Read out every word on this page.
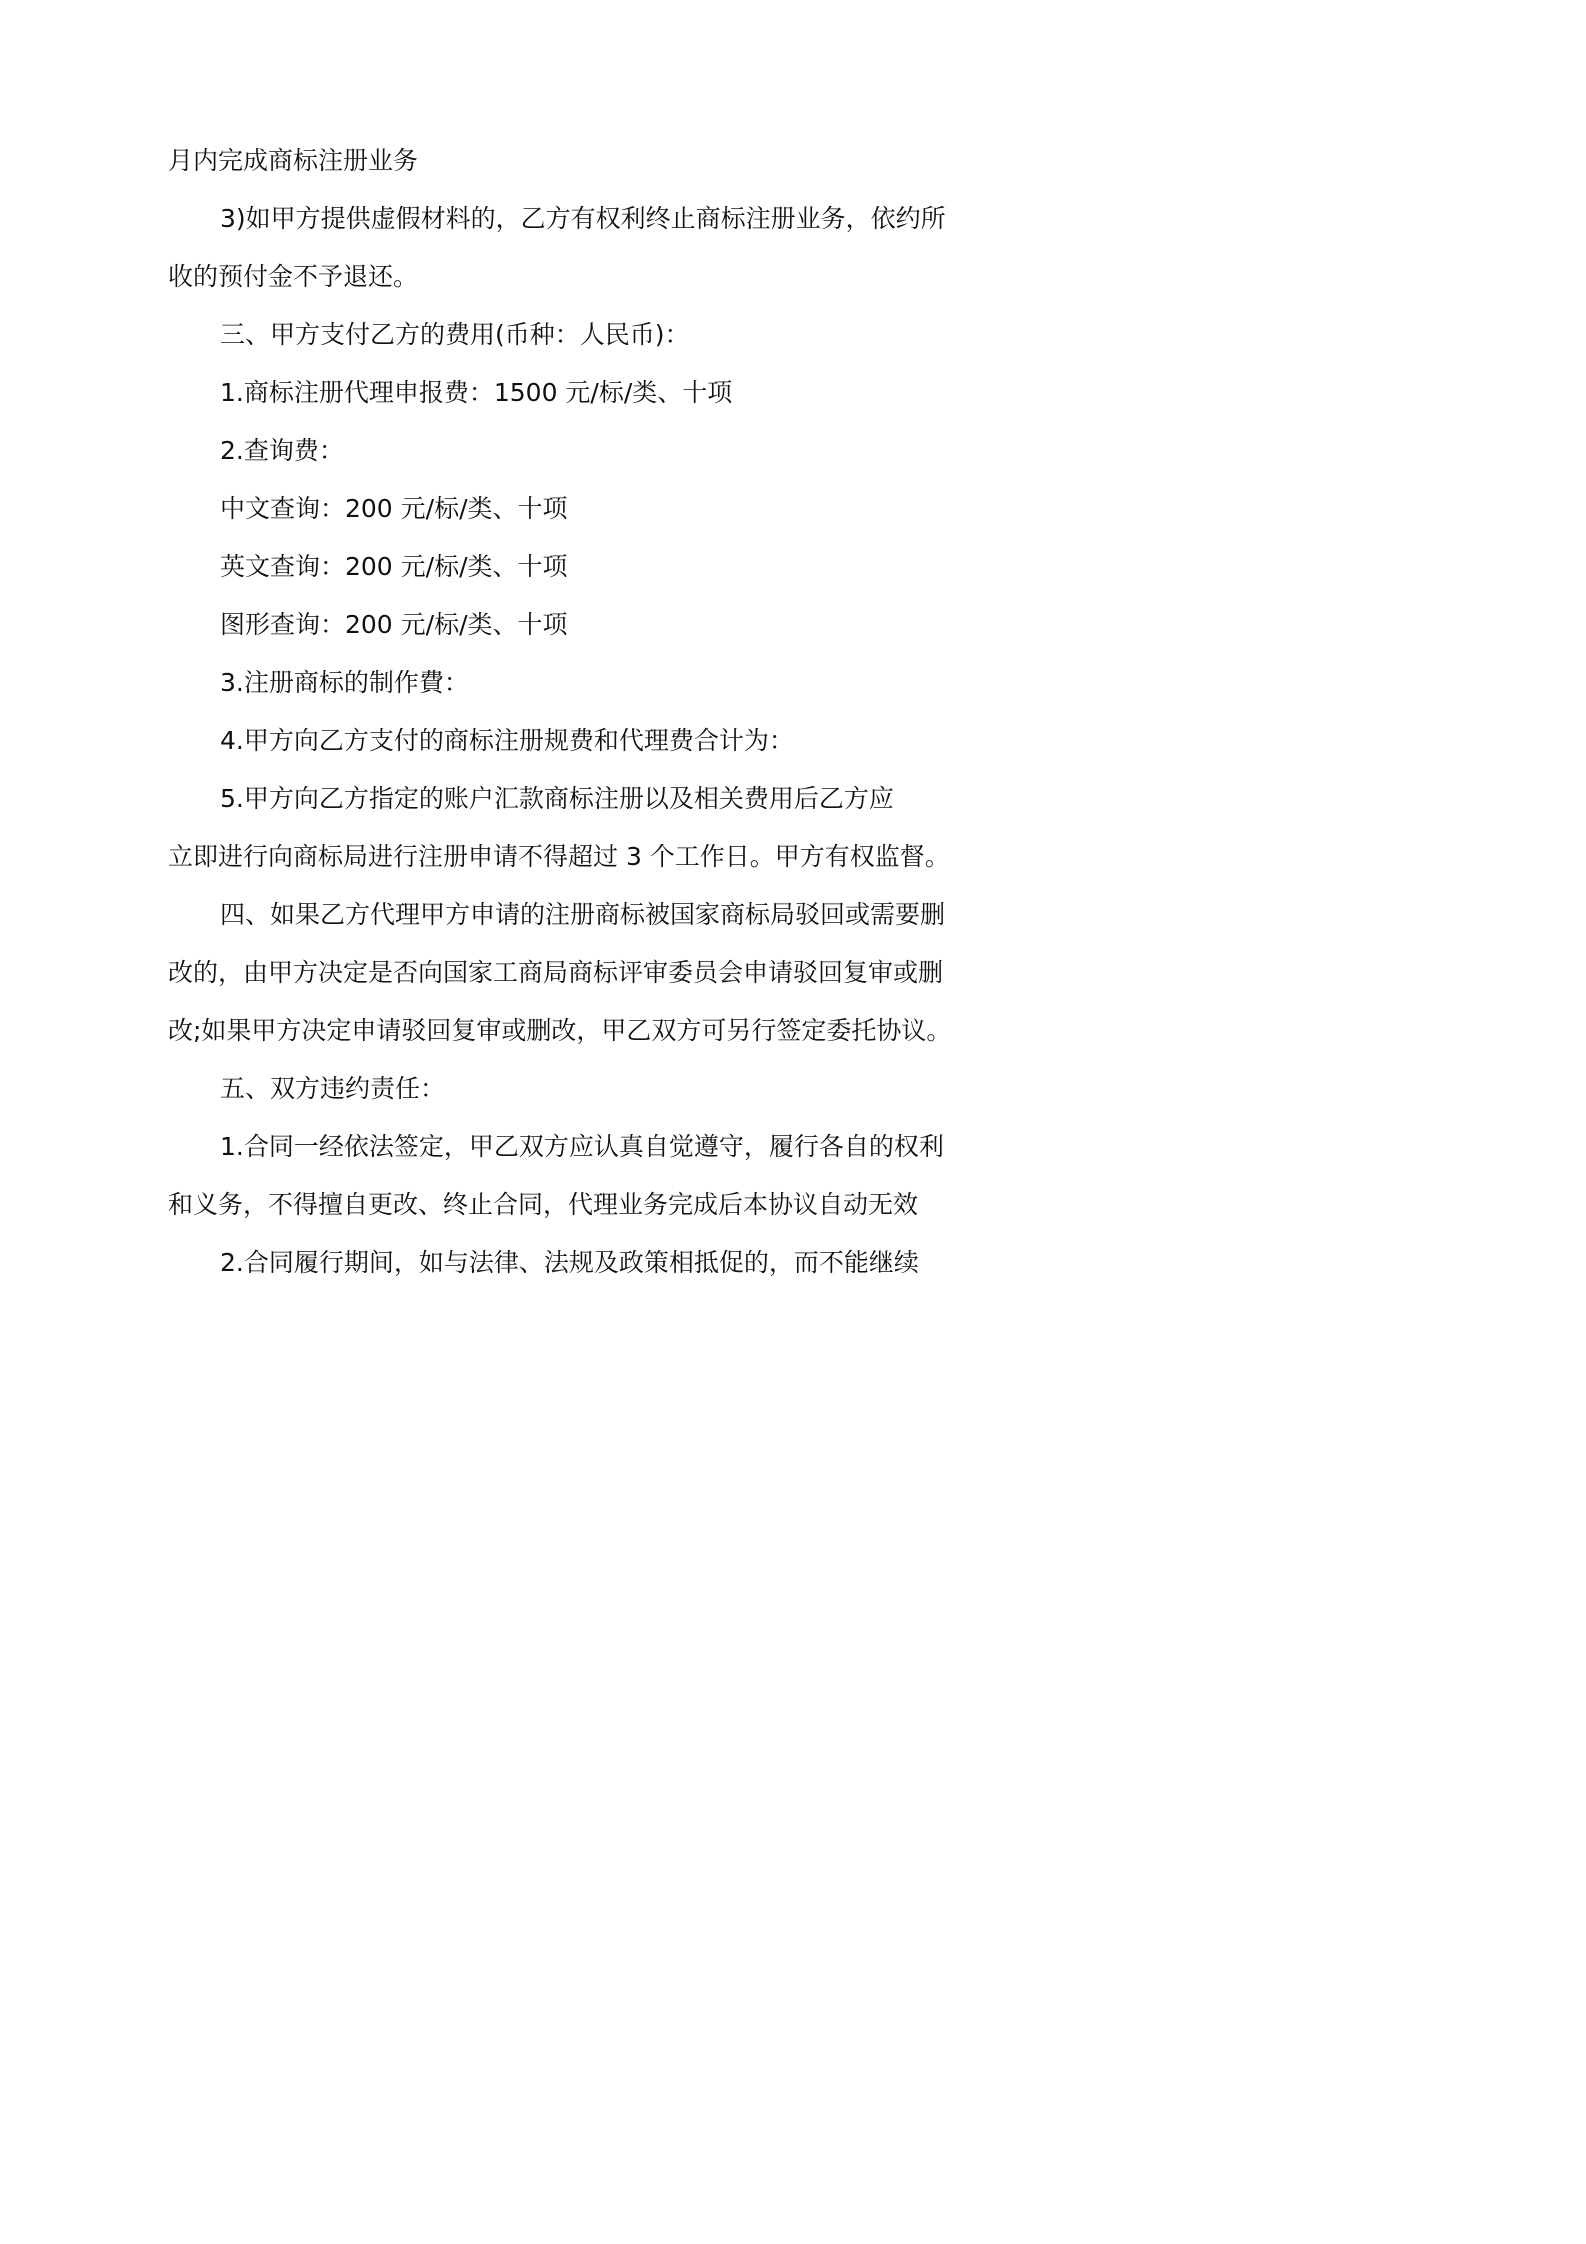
月内完成商标注册业务

3)如甲方提供虚假材料的，乙方有权利终止商标注册业务，依约所收的预付金不予退还。

三、甲方支付乙方的费用(币种：人民币)：

1.商标注册代理申报费：1500 元/标/类、十项

2.查询费：

中文查询：200 元/标/类、十项

英文查询：200 元/标/类、十项

图形查询：200 元/标/类、十项

3.注册商标的制作費：

4.甲方向乙方支付的商标注册规费和代理费合计为：

5.甲方向乙方指定的账户汇款商标注册以及相关费用后乙方应

立即进行向商标局进行注册申请不得超过 3 个工作日。甲方有权监督。

四、如果乙方代理甲方申请的注册商标被国家商标局驳回或需要删改的，由甲方决定是否向国家工商局商标评审委员会申请驳回复审或删改;如果甲方决定申请驳回复审或删改，甲乙双方可另行签定委托协议。

五、双方违约责任：

1.合同一经依法签定，甲乙双方应认真自觉遵守，履行各自的权利和义务，不得擅自更改、终止合同，代理业务完成后本协议自动无效

2.合同履行期间，如与法律、法规及政策相抵促的，而不能继续
